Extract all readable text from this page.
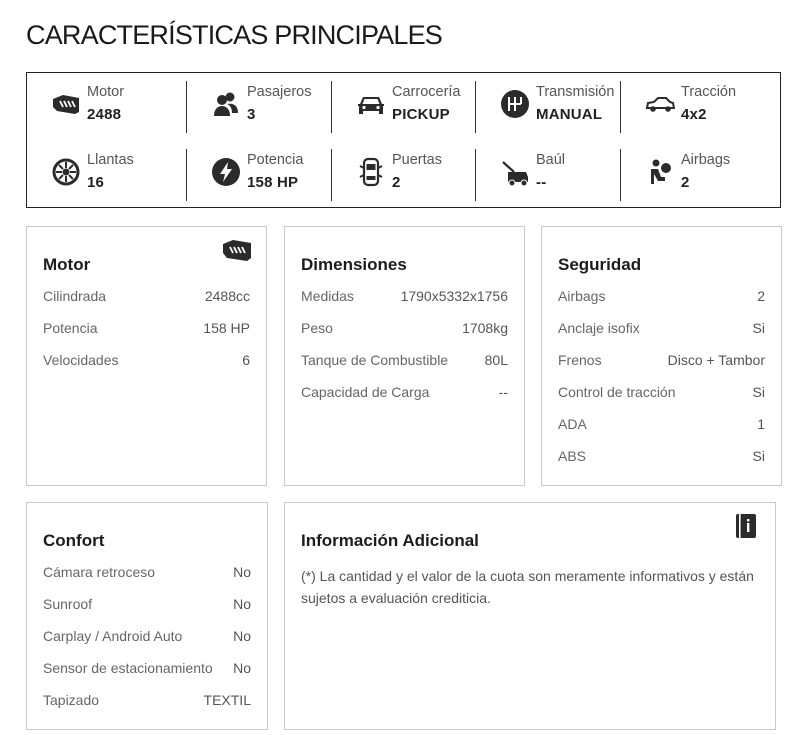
CARACTERÍSTICAS PRINCIPALES
Motor
2488
Pasajeros
3
Carrocería
PICKUP
Transmisión
MANUAL
Tracción
4x2
Llantas
16
Potencia
158 HP
Puertas
2
Baúl
--
Airbags
2
Motor
Cilindrada	2488cc
Potencia	158 HP
Velocidades	6
Dimensiones
Medidas	1790x5332x1756
Peso	1708kg
Tanque de Combustible	80L
Capacidad de Carga	--
Seguridad
Airbags	2
Anclaje isofix	Si
Frenos	Disco + Tambor
Control de tracción	Si
ADA	1
ABS	Si
Confort
Cámara retroceso	No
Sunroof	No
Carplay / Android Auto	No
Sensor de estacionamiento No
Tapizado	TEXTIL
Información Adicional
(*) La cantidad y el valor de la cuota son meramente informativos y están sujetos a evaluación crediticia.
